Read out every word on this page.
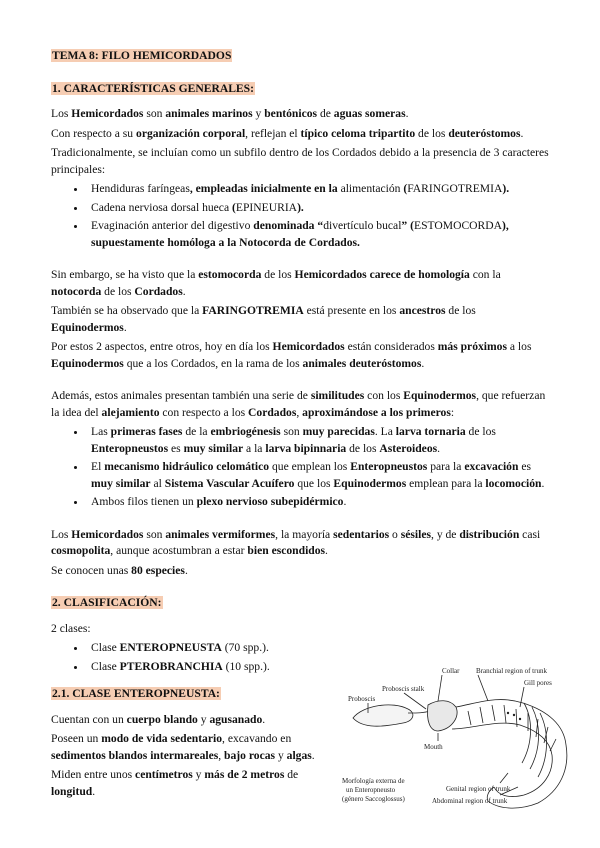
TEMA 8: FILO HEMICORDADOS
1. CARACTERÍSTICAS GENERALES:

Los Hemicordados son animales marinos y bentónicos de aguas someras.

Con respecto a su organización corporal, reflejan el típico celoma tripartito de los deuteróstomos.

Tradicionalmente, se incluían como un subfilo dentro de los Cordados debido a la presencia de 3 caracteres principales:

• Hendiduras faríngeas, empleadas inicialmente en la alimentación (FARINGOTREMIA).
• Cadena nerviosa dorsal hueca (EPINEURIA).
• Evaginación anterior del digestivo denominada “divertículo bucal” (ESTOMOCORDA), supuestamente homóloga a la Notocorda de Cordados.

Sin embargo, se ha visto que la estomocorda de los Hemicordados carece de homología con la notocorda de los Cordados.

También se ha observado que la FARINGOTREMIA está presente en los ancestros de los Equinodermos.

Por estos 2 aspectos, entre otros, hoy en día los Hemicordados están considerados más próximos a los Equinodermos que a los Cordados, en la rama de los animales deuteróstomos.

Además, estos animales presentan también una serie de similitudes con los Equinodermos, que refuerzan la idea del alejamiento con respecto a los Cordados, aproximándose a los primeros:

• Las primeras fases de la embriogénesis son muy parecidas. La larva tornaria de los Enteropneustos es muy similar a la larva bipinnaria de los Asteroideos.
• El mecanismo hidráulico celomático que emplean los Enteropneustos para la excavación es muy similar al Sistema Vascular Acuífero que los Equinodermos emplean para la locomoción.
• Ambos filos tienen un plexo nervioso subepidérmico.

Los Hemicordados son animales vermiformes, la mayoría sedentarios o sésiles, y de distribución casi cosmopolita, aunque acostumbran a estar bien escondidos.

Se conocen unas 80 especies.

2. CLASIFICACIÓN:

2 clases:

• Clase ENTEROPNEUSTA (70 spp.).
• Clase PTEROBRANCHIA (10 spp.).
2.1. CLASE ENTEROPNEUSTA:

Cuentan con un cuerpo blando y agusanado.

Poseen un modo de vida sedentario, excavando en sedimentos blandos intermareales, bajo rocas y algas.

Miden entre unos centímetros y más de 2 metros de longitud.

Collar Branchial region of trunk
Gill pores
Proboscis stalk
Proboscis
Mouth
Genital region of trunk
Abdominal region of trunk
Morfología externa de
un Enteropneusto
(género Saccoglossus)
